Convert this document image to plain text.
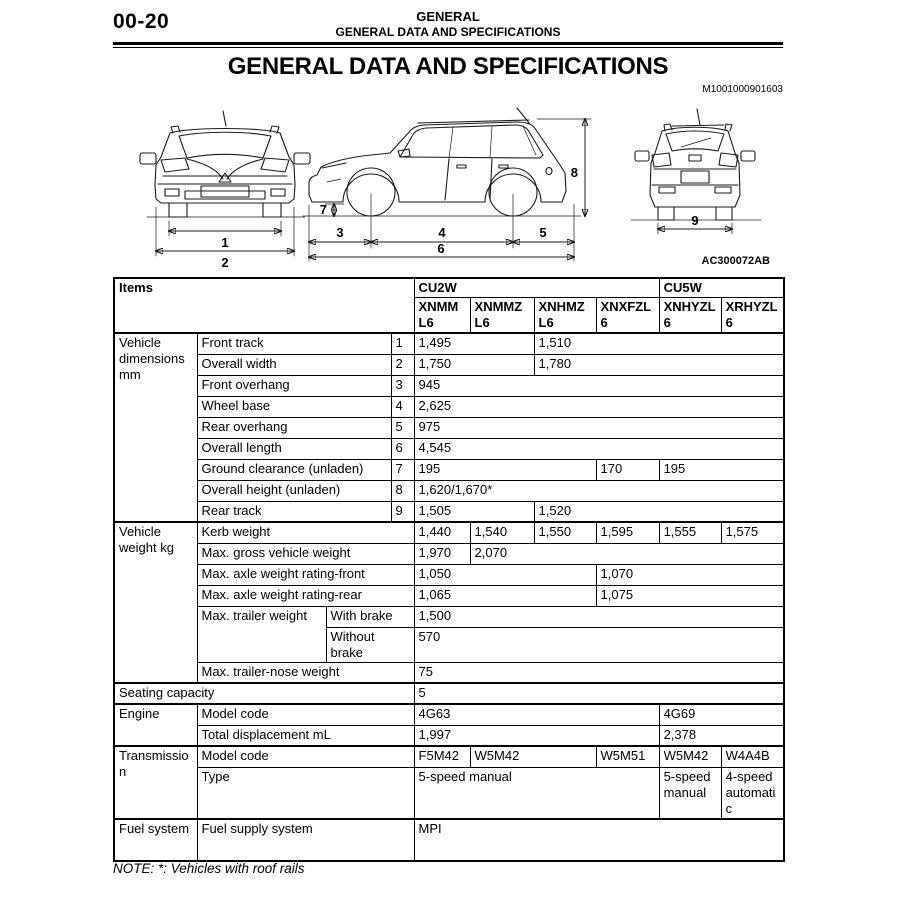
00-20	GENERAL
GENERAL DATA AND SPECIFICATIONS
GENERAL DATA AND SPECIFICATIONS
M1001000901603
1
2
7
8
3	4	5
6
9
AC300072AB
Items				CU2W				CU5W	
				XNMML6	XNMMZL6	XNHMZL6	XNXFZL6	XNHYZL6	XRHYZL6
Vehicle dimensions mm	Front track		1	1,495		1,510			
	Overall width		2	1,750		1,780			
	Front overhang		3	945					
	Wheel base		4	2,625					
	Rear overhang		5	975					
	Overall length		6	4,545					
	Ground clearance (unladen)		7	195			170	195	
	Overall height (unladen)		8	1,620/1,670*					
	Rear track		9	1,505		1,520			
Vehicle weight kg	Kerb weight			1,440	1,540	1,550	1,595	1,555	1,575
	Max. gross vehicle weight			1,970	2,070				
	Max. axle weight rating-front			1,050			1,070		
	Max. axle weight rating-rear			1,065			1,075		
	Max. trailer weight	With brake		1,500					
		Without brake		570					
	Max. trailer-nose weight			75					
Seating capacity				5					
Engine	Model code			4G63				4G69	
	Total displacement mL			1,997				2,378	
Transmission	Model code			F5M42	W5M42		W5M51	W5M42	W4A4B
	Type			5-speed manual				5-speed manual	4-speed automatic
Fuel system	Fuel supply system			MPI					
NOTE: *: Vehicles with roof rails
